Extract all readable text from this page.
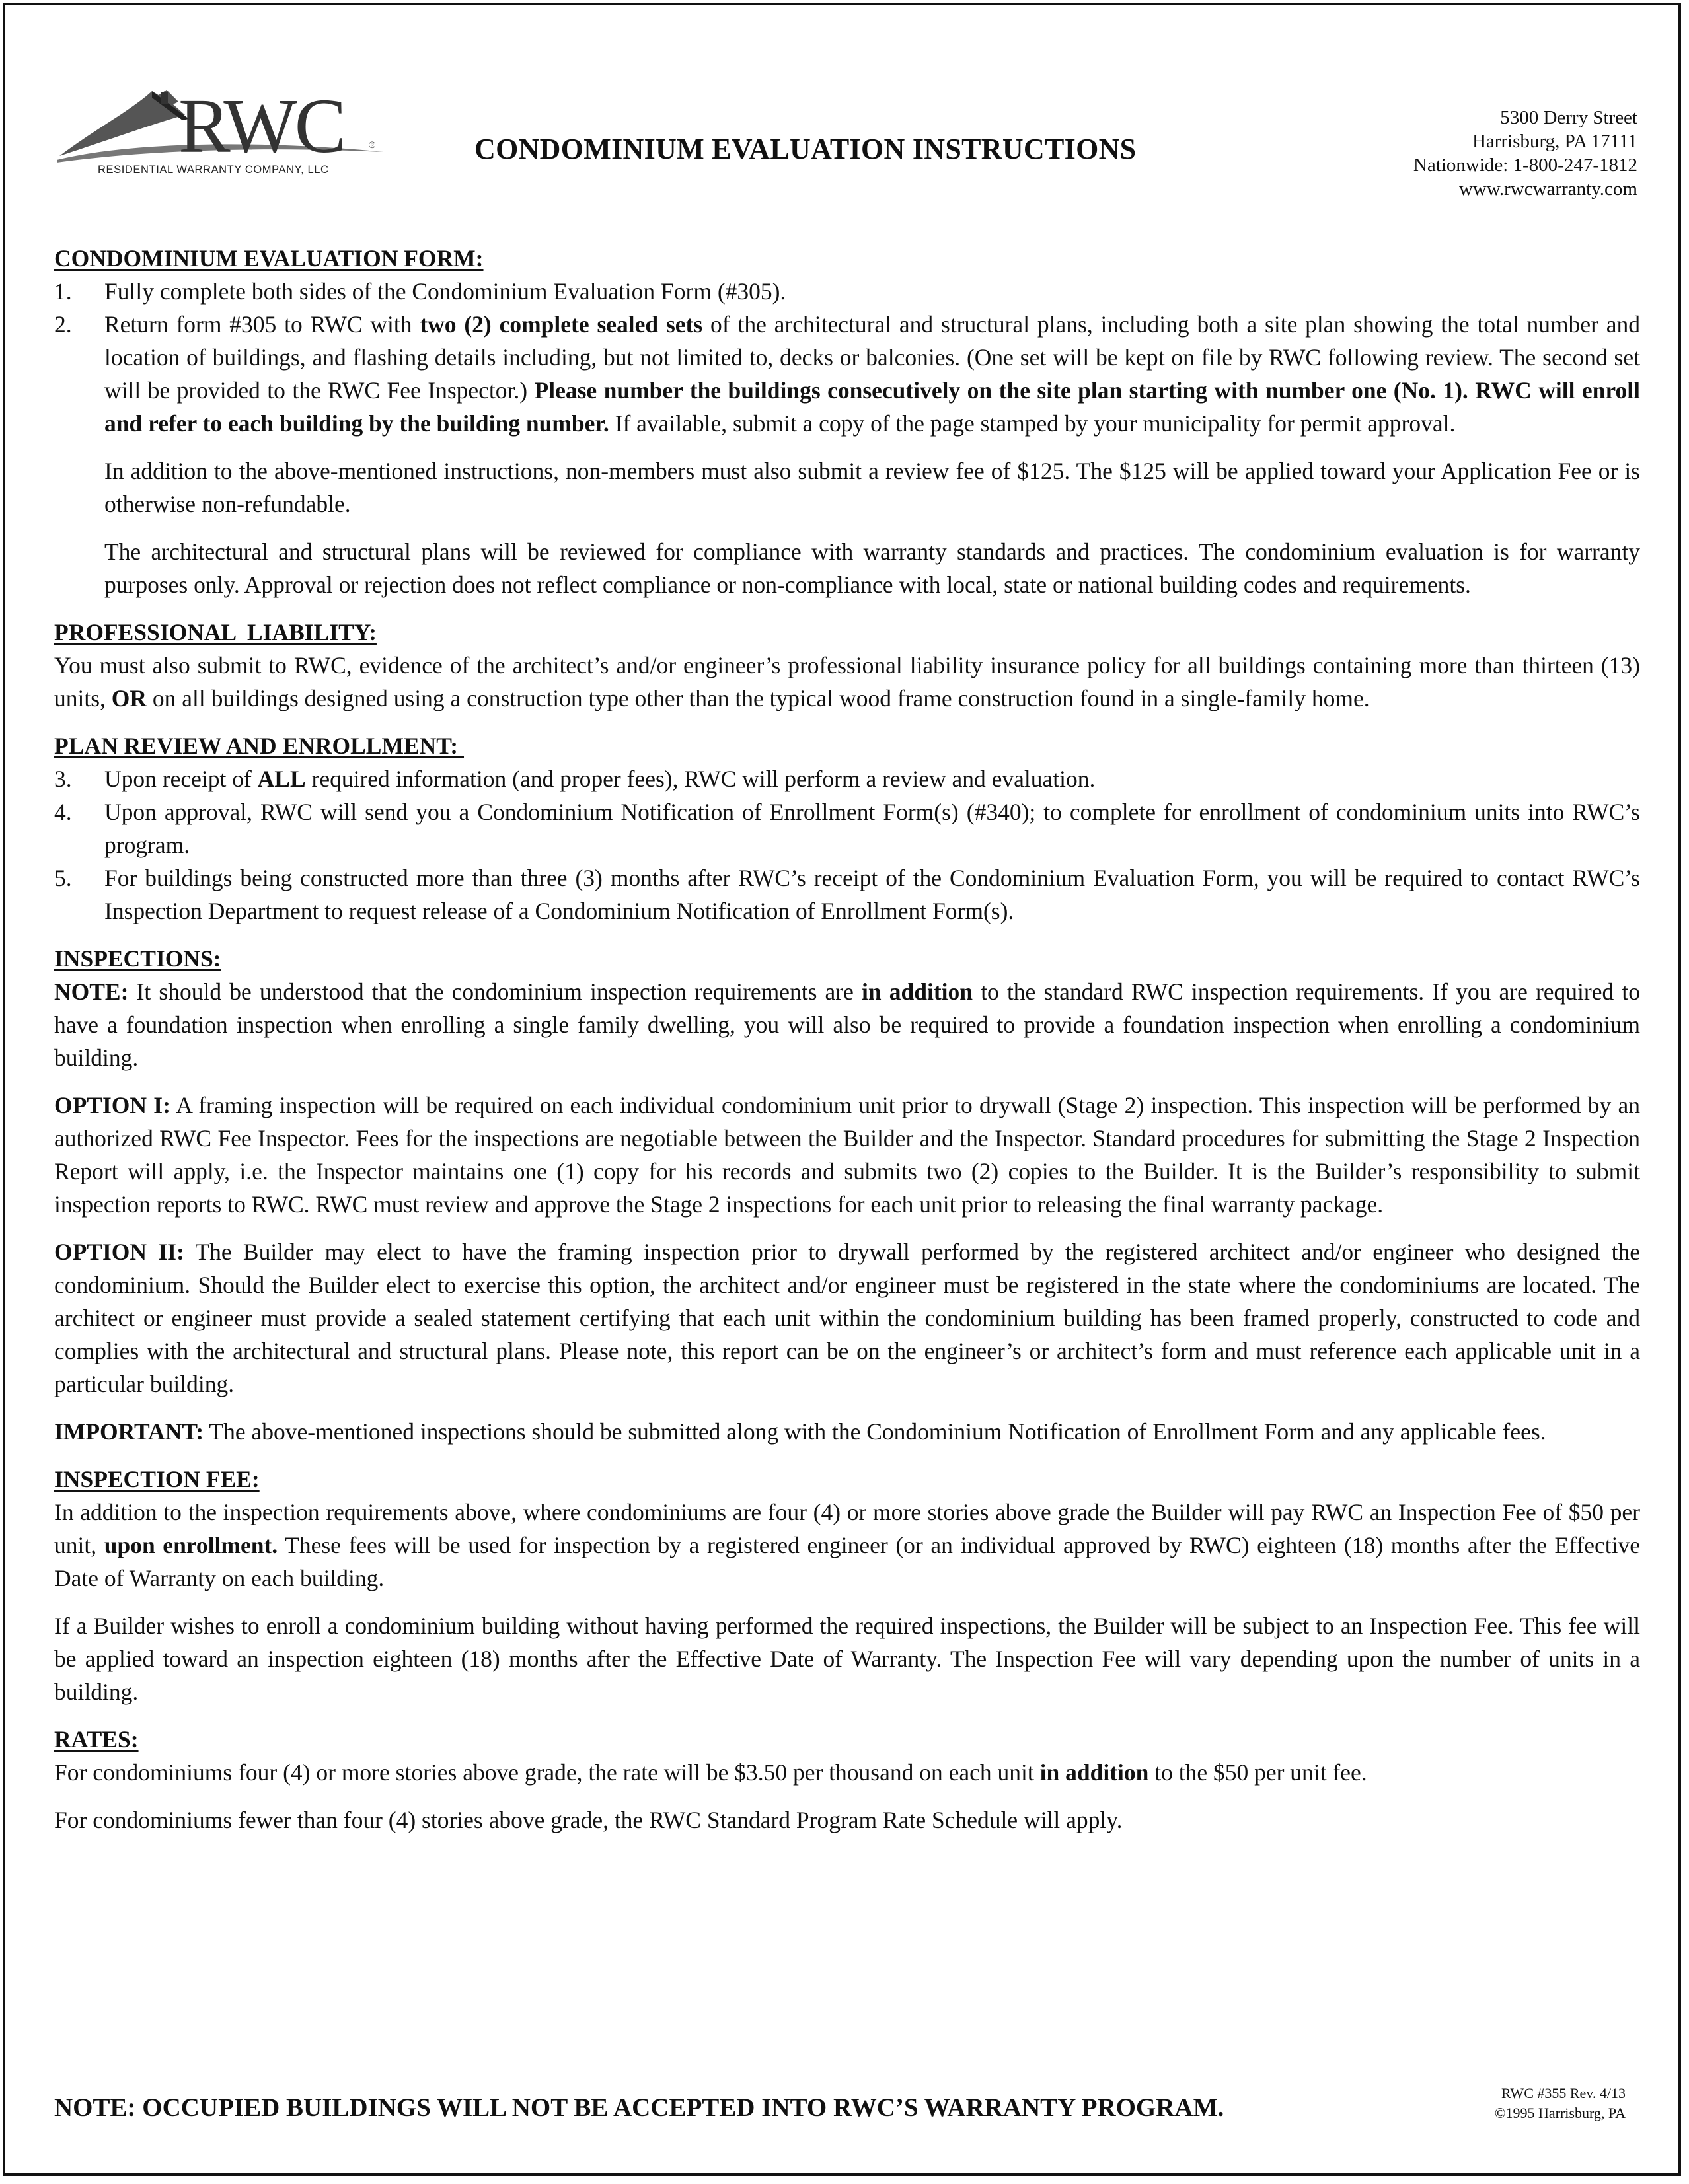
RWC	®
RESIDENTIAL WARRANTY COMPANY, LLC
CONDOMINIUM EVALUATION INSTRUCTIONS
5300 Derry Street
Harrisburg, PA 17111
Nationwide: 1-800-247-1812
www.rwcwarranty.com
CONDOMINIUM EVALUATION FORM:
1.	Fully complete both sides of the Condominium Evaluation Form (#305).
2.	Return form #305 to RWC with two (2) complete sealed sets of the architectural and structural plans, including both a site plan showing the total number and location of buildings, and flashing details including, but not limited to, decks or balconies. (One set will be kept on file by RWC following review. The second set will be provided to the RWC Fee Inspector.) Please number the buildings consecutively on the site plan starting with number one (No. 1). RWC will enroll and refer to each building by the building number. If available, submit a copy of the page stamped by your municipality for permit approval.

In addition to the above-mentioned instructions, non-members must also submit a review fee of $125. The $125 will be applied toward your Application Fee or is otherwise non-refundable.

The architectural and structural plans will be reviewed for compliance with warranty standards and practices. The condominium evaluation is for warranty purposes only. Approval or rejection does not reflect compliance or non-compliance with local, state or national building codes and requirements.

PROFESSIONAL  LIABILITY:

You must also submit to RWC, evidence of the architect’s and/or engineer’s professional liability insurance policy for all buildings containing more than thirteen (13) units, OR on all buildings designed using a construction type other than the typical wood frame construction found in a single-family home.

PLAN REVIEW AND ENROLLMENT:
3.	Upon receipt of ALL required information (and proper fees), RWC will perform a review and evaluation.
4.	Upon approval, RWC will send you a Condominium Notification of Enrollment Form(s) (#340); to complete for enrollment of condominium units into RWC’s program.
5.	For buildings being constructed more than three (3) months after RWC’s receipt of the Condominium Evaluation Form, you will be required to contact RWC’s Inspection Department to request release of a Condominium Notification of Enrollment Form(s).
INSPECTIONS:

NOTE: It should be understood that the condominium inspection requirements are in addition to the standard RWC inspection requirements. If you are required to have a foundation inspection when enrolling a single family dwelling, you will also be required to provide a foundation inspection when enrolling a condominium building.

OPTION I: A framing inspection will be required on each individual condominium unit prior to drywall (Stage 2) inspection. This inspection will be performed by an authorized RWC Fee Inspector. Fees for the inspections are negotiable between the Builder and the Inspector. Standard procedures for submitting the Stage 2 Inspection Report will apply, i.e. the Inspector maintains one (1) copy for his records and submits two (2) copies to the Builder. It is the Builder’s responsibility to submit inspection reports to RWC. RWC must review and approve the Stage 2 inspections for each unit prior to releasing the final warranty package.

OPTION II: The Builder may elect to have the framing inspection prior to drywall performed by the registered architect and/or engineer who designed the condominium. Should the Builder elect to exercise this option, the architect and/or engineer must be registered in the state where the condominiums are located. The architect or engineer must provide a sealed statement certifying that each unit within the condominium building has been framed properly, constructed to code and complies with the architectural and structural plans. Please note, this report can be on the engineer’s or architect’s form and must reference each applicable unit in a particular building.

IMPORTANT: The above-mentioned inspections should be submitted along with the Condominium Notification of Enrollment Form and any applicable fees.

INSPECTION FEE:

In addition to the inspection requirements above, where condominiums are four (4) or more stories above grade the Builder will pay RWC an Inspection Fee of $50 per unit, upon enrollment. These fees will be used for inspection by a registered engineer (or an individual approved by RWC) eighteen (18) months after the Effective Date of Warranty on each building.

If a Builder wishes to enroll a condominium building without having performed the required inspections, the Builder will be subject to an Inspection Fee. This fee will be applied toward an inspection eighteen (18) months after the Effective Date of Warranty. The Inspection Fee will vary depending upon the number of units in a building.

RATES:

For condominiums four (4) or more stories above grade, the rate will be $3.50 per thousand on each unit in addition to the $50 per unit fee.

For condominiums fewer than four (4) stories above grade, the RWC Standard Program Rate Schedule will apply.

NOTE: OCCUPIED BUILDINGS WILL NOT BE ACCEPTED INTO RWC’S WARRANTY PROGRAM.
RWC #355 Rev. 4/13
©1995 Harrisburg, PA
